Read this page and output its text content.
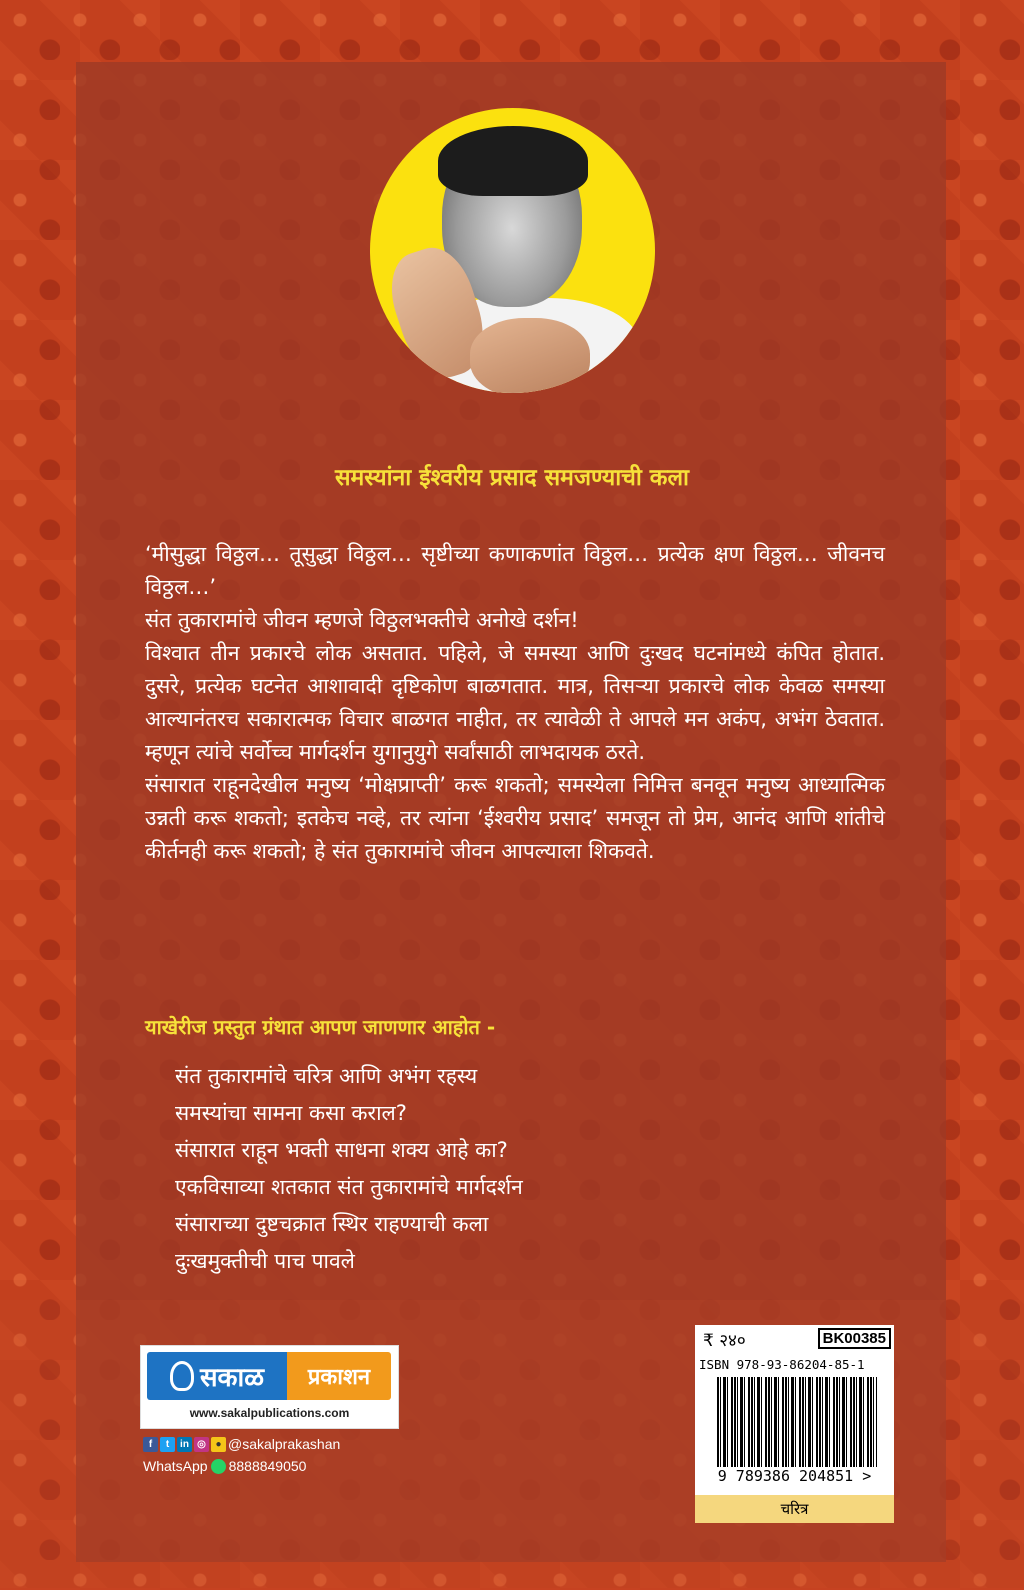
समस्यांना ईश्वरीय प्रसाद समजण्याची कला

‘मीसुद्धा विठ्ठल… तूसुद्धा विठ्ठल… सृष्टीच्या कणाकणांत विठ्ठल… प्रत्येक क्षण विठ्ठल… जीवनच विठ्ठल…’

संत तुकारामांचे जीवन म्हणजे विठ्ठलभक्तीचे अनोखे दर्शन!

विश्वात तीन प्रकारचे लोक असतात. पहिले, जे समस्या आणि दुःखद घटनांमध्ये कंपित होतात. दुसरे, प्रत्येक घटनेत आशावादी दृष्टिकोण बाळगतात. मात्र, तिसऱ्या प्रकारचे लोक केवळ समस्या आल्यानंतरच सकारात्मक विचार बाळगत नाहीत, तर त्यावेळी ते आपले मन अकंप, अभंग ठेवतात. म्हणून त्यांचे सर्वोच्च मार्गदर्शन युगानुयुगे सर्वांसाठी लाभदायक ठरते.

संसारात राहूनदेखील मनुष्य ‘मोक्षप्राप्ती’ करू शकतो; समस्येला निमित्त बनवून मनुष्य आध्यात्मिक उन्नती करू शकतो; इतकेच नव्हे, तर त्यांना ‘ईश्वरीय प्रसाद’ समजून तो प्रेम, आनंद आणि शांतीचे कीर्तनही करू शकतो; हे संत तुकारामांचे जीवन आपल्याला शिकवते.

याखेरीज प्रस्तुत ग्रंथात आपण जाणणार आहोत -
संत तुकारामांचे चरित्र आणि अभंग रहस्य
समस्यांचा सामना कसा कराल?
संसारात राहून भक्ती साधना शक्य आहे का?
एकविसाव्या शतकात संत तुकारामांचे मार्गदर्शन
संसाराच्या दुष्टचक्रात स्थिर राहण्याची कला
दुःखमुक्तीची पाच पावले
सकाळ	प्रकाशन
www.sakalpublications.com
f	t	in ◎ ● @sakalprakashan
WhatsApp 8888849050
₹ २४०	BK00385
ISBN 978-93-86204-85-1
9 789386 204851 >
चरित्र
